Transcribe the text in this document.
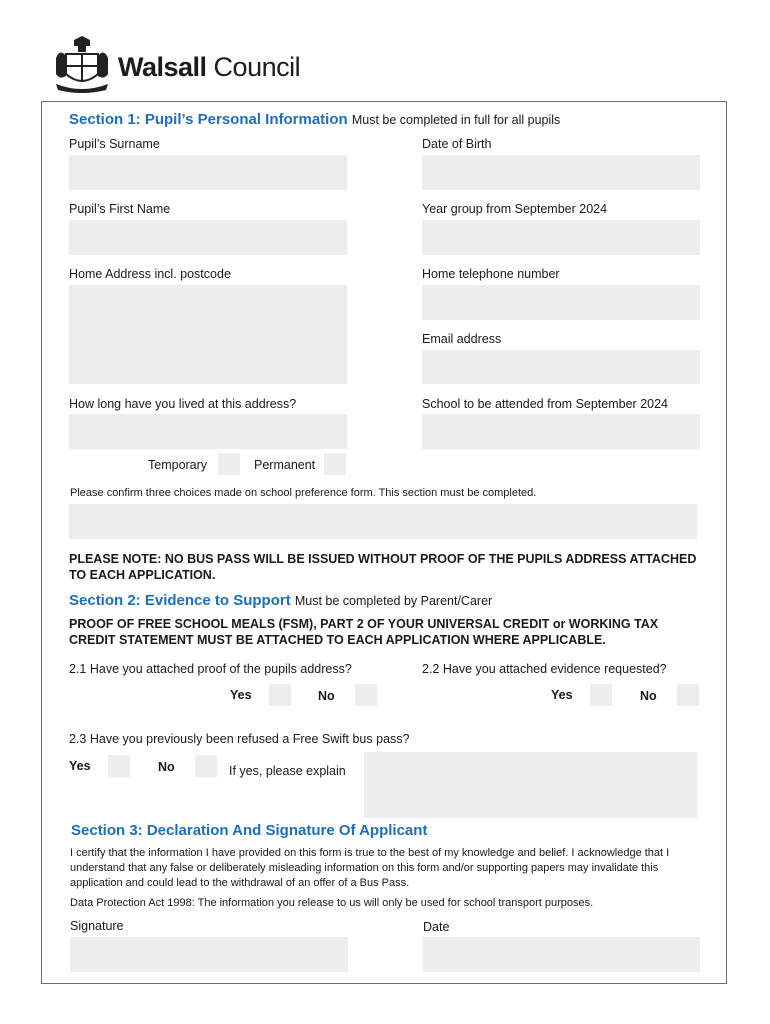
Walsall Council
Section 1: Pupil’s Personal Information Must be completed in full for all pupils
Pupil’s Surname	Date of Birth
Pupil’s First Name	Year group from September 2024
Home Address incl. postcode	Home telephone number
Email address
How long have you lived at this address?	School to be attended from September 2024
Temporary	Permanent
Please confirm three choices made on school preference form. This section must be completed.
PLEASE NOTE: NO BUS PASS WILL BE ISSUED WITHOUT PROOF OF THE PUPILS ADDRESS ATTACHED TO EACH APPLICATION.
Section 2: Evidence to Support Must be completed by Parent/Carer
PROOF OF FREE SCHOOL MEALS (FSM), PART 2 OF YOUR UNIVERSAL CREDIT or WORKING TAX CREDIT STATEMENT MUST BE ATTACHED TO EACH APPLICATION WHERE APPLICABLE.
2.1 Have you attached proof of the pupils address?	2.2 Have you attached evidence requested?
Yes	No	Yes	No
2.3 Have you previously been refused a Free Swift bus pass?
Yes	No	If yes, please explain
Section 3: Declaration And Signature Of Applicant
I certify that the information I have provided on this form is true to the best of my knowledge and belief. I acknowledge that I understand that any false or deliberately misleading information on this form and/or supporting papers may invalidate this application and could lead to the withdrawal of an offer of a Bus Pass.
Data Protection Act 1998: The information you release to us will only be used for school transport purposes.
Signature	Date
